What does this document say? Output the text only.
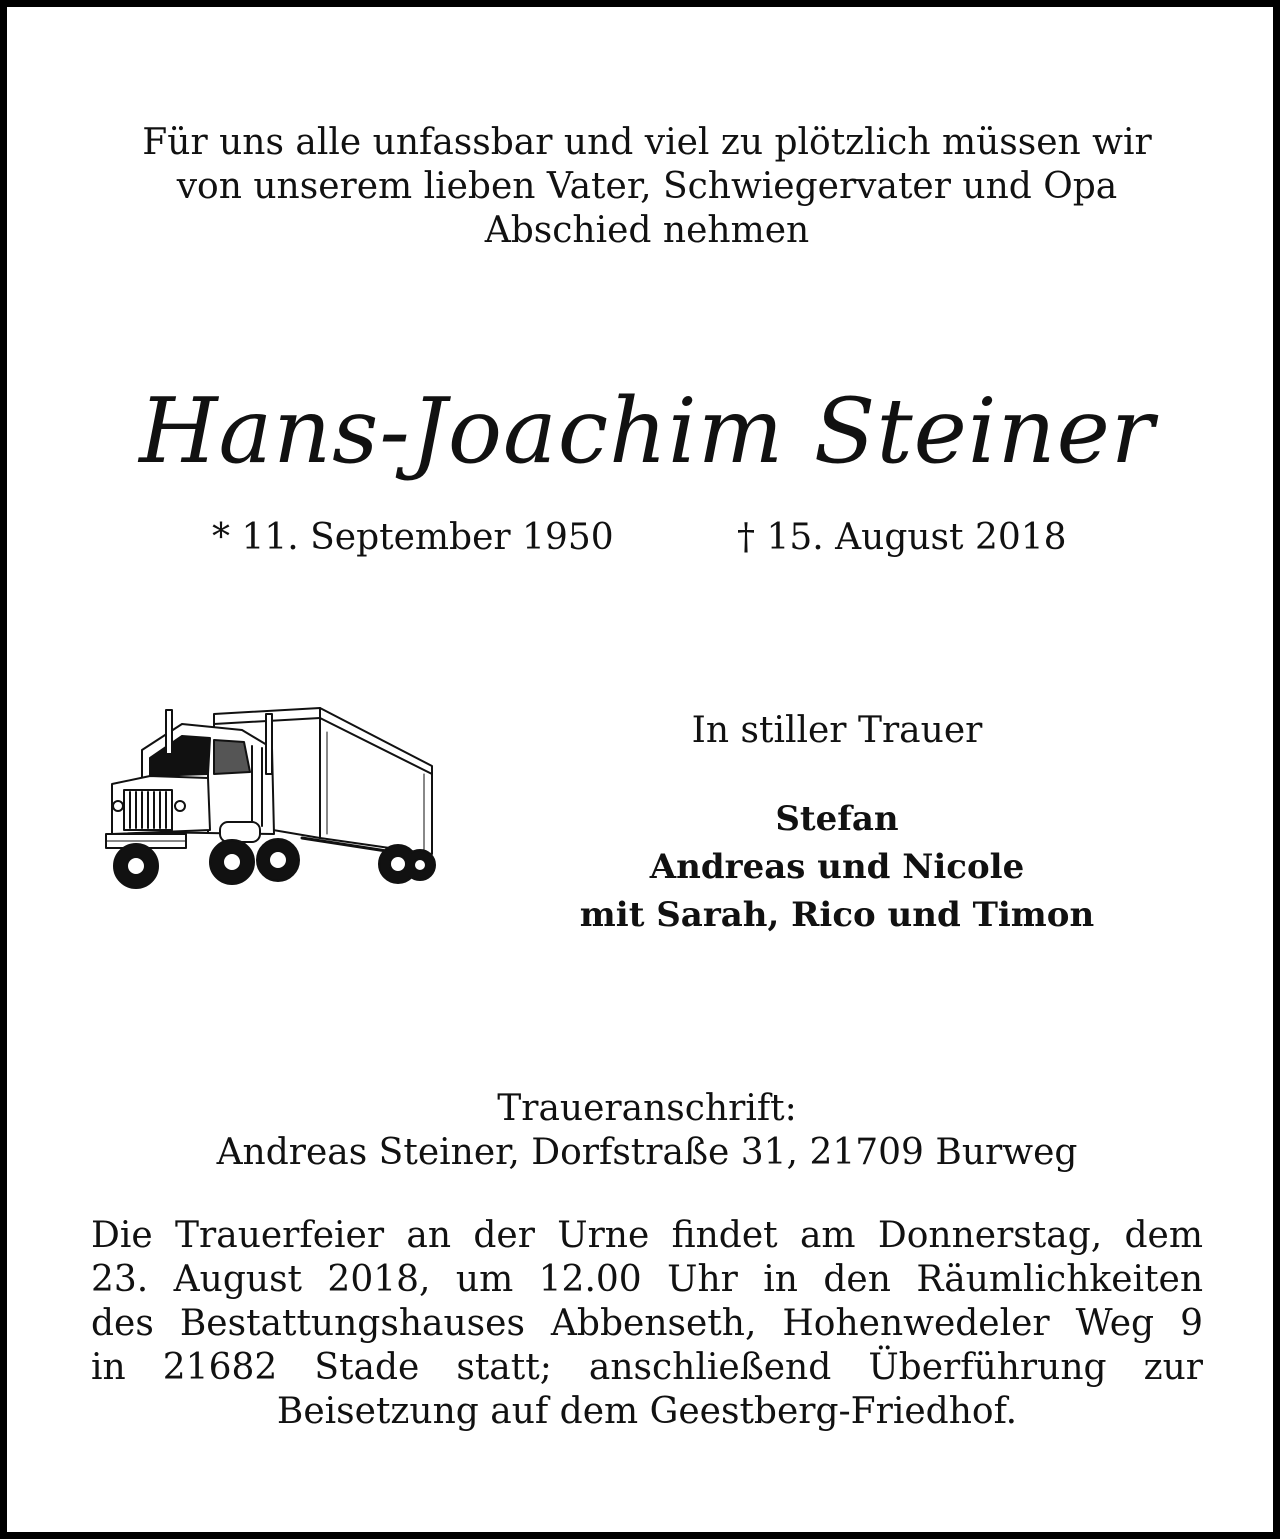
Für uns alle unfassbar und viel zu plötzlich müssen wir
von unserem lieben Vater, Schwiegervater und Opa
Abschied nehmen

Hans-Joachim Steiner
* 11. September 1950	† 15. August 2018

In stiller Trauer

Stefan
Andreas und Nicole
mit Sarah, Rico und Timon
Traueranschrift:
Andreas Steiner, Dorfstraße 31, 21709 Burweg
Die Trauerfeier an der Urne findet am Donnerstag, dem
23. August 2018, um 12.00 Uhr in den Räumlichkeiten
des Bestattungshauses Abbenseth, Hohenwedeler Weg 9
in 21682 Stade statt; anschließend Überführung zur
Beisetzung auf dem Geestberg-Friedhof.
